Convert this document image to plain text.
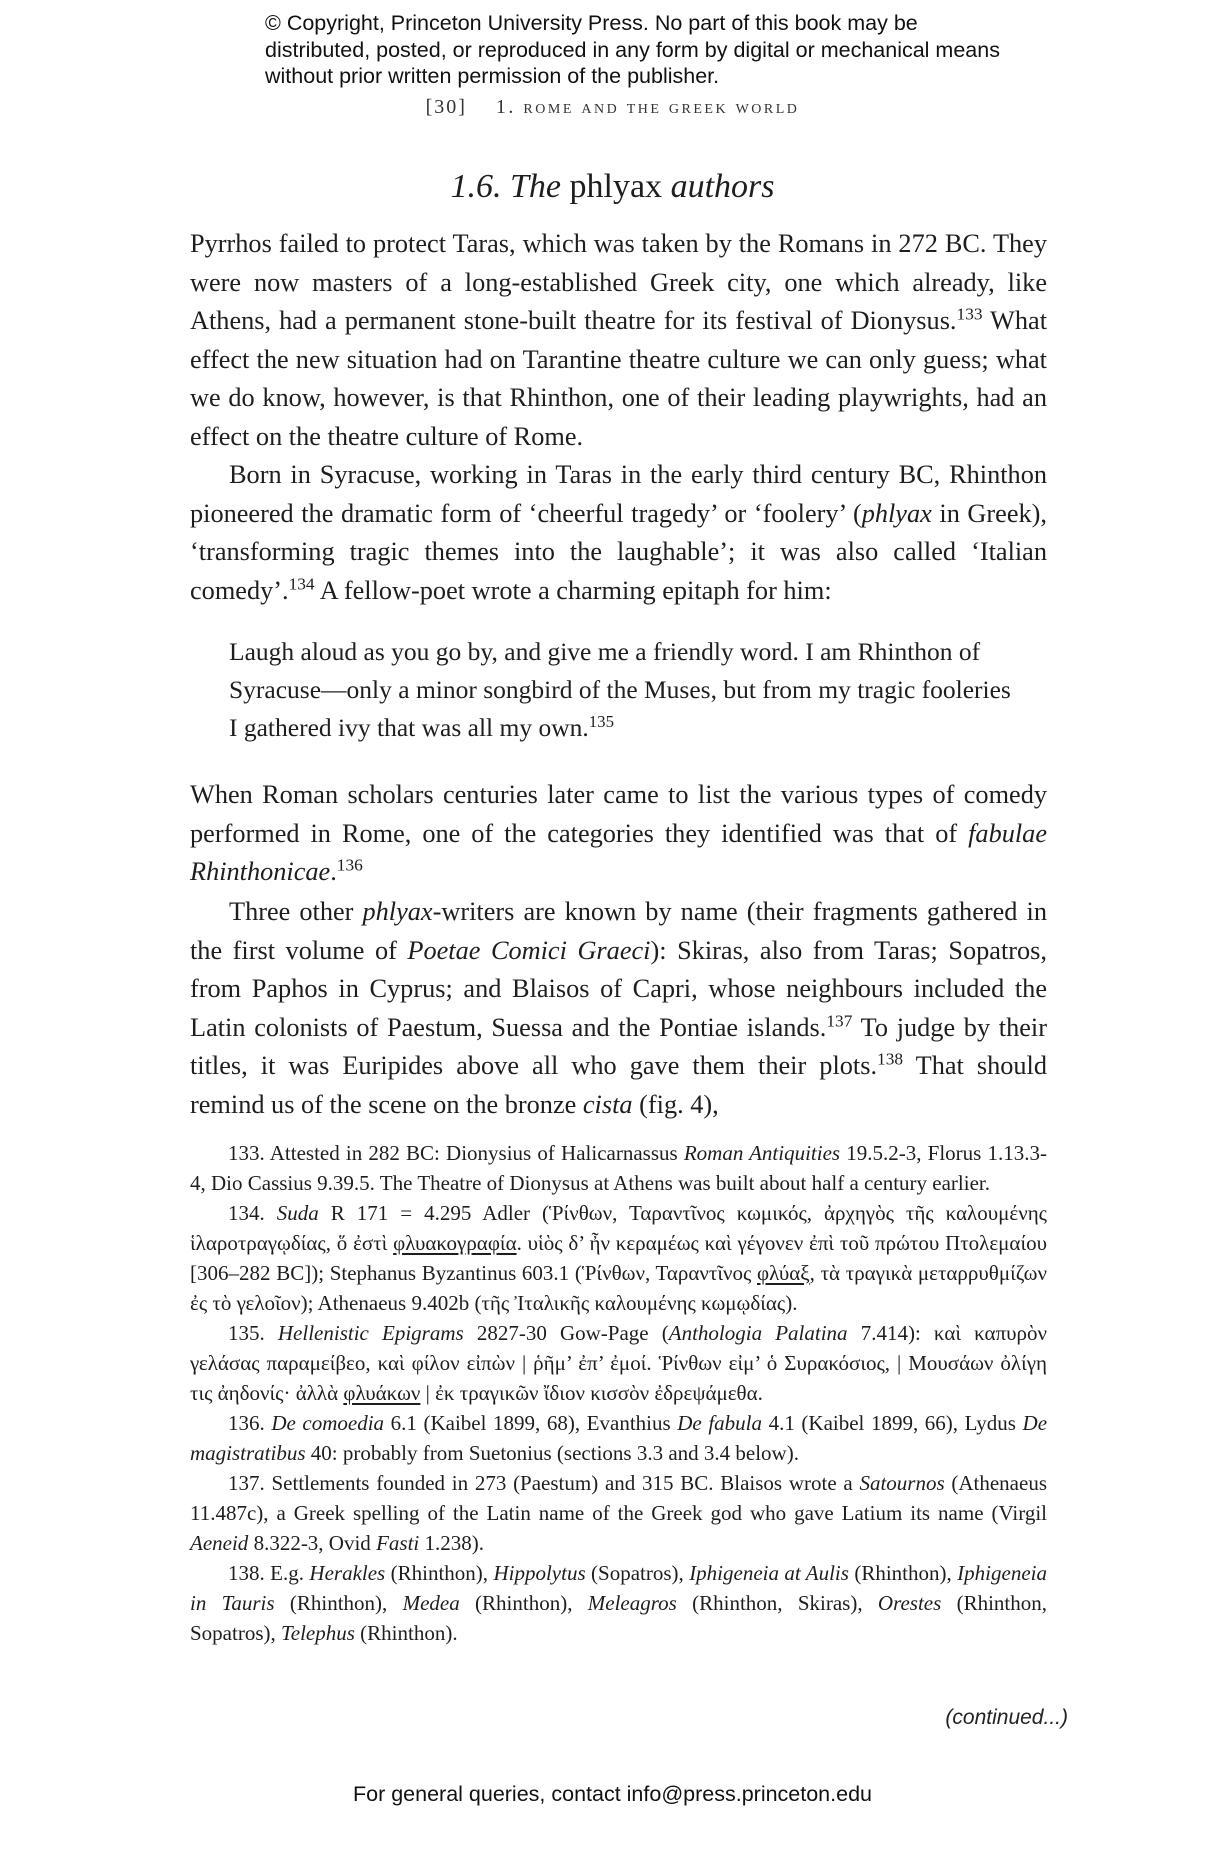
© Copyright, Princeton University Press. No part of this book may be distributed, posted, or reproduced in any form by digital or mechanical means without prior written permission of the publisher.
[30] 1. rome and the greek world
1.6. The phlyax authors

Pyrrhos failed to protect Taras, which was taken by the Romans in 272 BC. They were now masters of a long-established Greek city, one which already, like Athens, had a permanent stone-built theatre for its festival of Dionysus.$^{133}$ What effect the new situation had on Tarantine theatre culture we can only guess; what we do know, however, is that Rhinthon, one of their leading playwrights, had an effect on the theatre culture of Rome.

Born in Syracuse, working in Taras in the early third century BC, Rhinthon pioneered the dramatic form of ‘cheerful tragedy’ or ‘foolery’ (phlyax in Greek), ‘transforming tragic themes into the laughable’; it was also called ‘Italian comedy’.$^{134}$ A fellow-poet wrote a charming epitaph for him:

Laugh aloud as you go by, and give me a friendly word. I am Rhinthon of Syracuse—only a minor songbird of the Muses, but from my tragic fooleries I gathered ivy that was all my own.$^{135}$

When Roman scholars centuries later came to list the various types of comedy performed in Rome, one of the categories they identified was that of fabulae Rhinthonicae.$^{136}$

Three other phlyax-writers are known by name (their fragments gathered in the first volume of Poetae Comici Graeci): Skiras, also from Taras; Sopatros, from Paphos in Cyprus; and Blaisos of Capri, whose neighbours included the Latin colonists of Paestum, Suessa and the Pontiae islands.$^{137}$ To judge by their titles, it was Euripides above all who gave them their plots.$^{138}$ That should remind us of the scene on the bronze cista (fig. 4),

133. Attested in 282 BC: Dionysius of Halicarnassus Roman Antiquities 19.5.2-3, Florus 1.13.3-4, Dio Cassius 9.39.5. The Theatre of Dionysus at Athens was built about half a century earlier.

134. Suda R 171 = 4.295 Adler (Ῥίνθων, Ταραντῖνος κωμικός, ἀρχηγὸς τῆς καλουμένης ἱλαροτραγῳδίας, ὅ ἐστὶ φλυακογραφία. υἱὸς δ’ ἦν κεραμέως καὶ γέγονεν ἐπὶ τοῦ πρώτου Πτολεμαίου [306–282 BC]); Stephanus Byzantinus 603.1 (Ῥίνθων, Ταραντῖνος φλύαξ, τὰ τραγικὰ μεταρρυθμίζων ἐς τὸ γελοῖον); Athenaeus 9.402b (τῆς Ἰταλικῆς καλουμένης κωμῳδίας).

135. Hellenistic Epigrams 2827-30 Gow-Page (Anthologia Palatina 7.414): καὶ καπυρὸν γελάσας παραμείβεο, καὶ φίλον εἰπὼν | ῥῆμ’ ἐπ’ ἐμοί. Ῥίνθων εἰμ’ ὁ Συρακόσιος, | Μουσάων ὀλίγη τις ἀηδονίς· ἀλλὰ φλυάκων | ἐκ τραγικῶν ἴδιον κισσὸν ἐδρεψάμεθα.

136. De comoedia 6.1 (Kaibel 1899, 68), Evanthius De fabula 4.1 (Kaibel 1899, 66), Lydus De magistratibus 40: probably from Suetonius (sections 3.3 and 3.4 below).

137. Settlements founded in 273 (Paestum) and 315 BC. Blaisos wrote a Satournos (Athenaeus 11.487c), a Greek spelling of the Latin name of the Greek god who gave Latium its name (Virgil Aeneid 8.322-3, Ovid Fasti 1.238).

138. E.g. Herakles (Rhinthon), Hippolytus (Sopatros), Iphigeneia at Aulis (Rhinthon), Iphigeneia in Tauris (Rhinthon), Medea (Rhinthon), Meleagros (Rhinthon, Skiras), Orestes (Rhinthon, Sopatros), Telephus (Rhinthon).

(continued...)
For general queries, contact info@press.princeton.edu
